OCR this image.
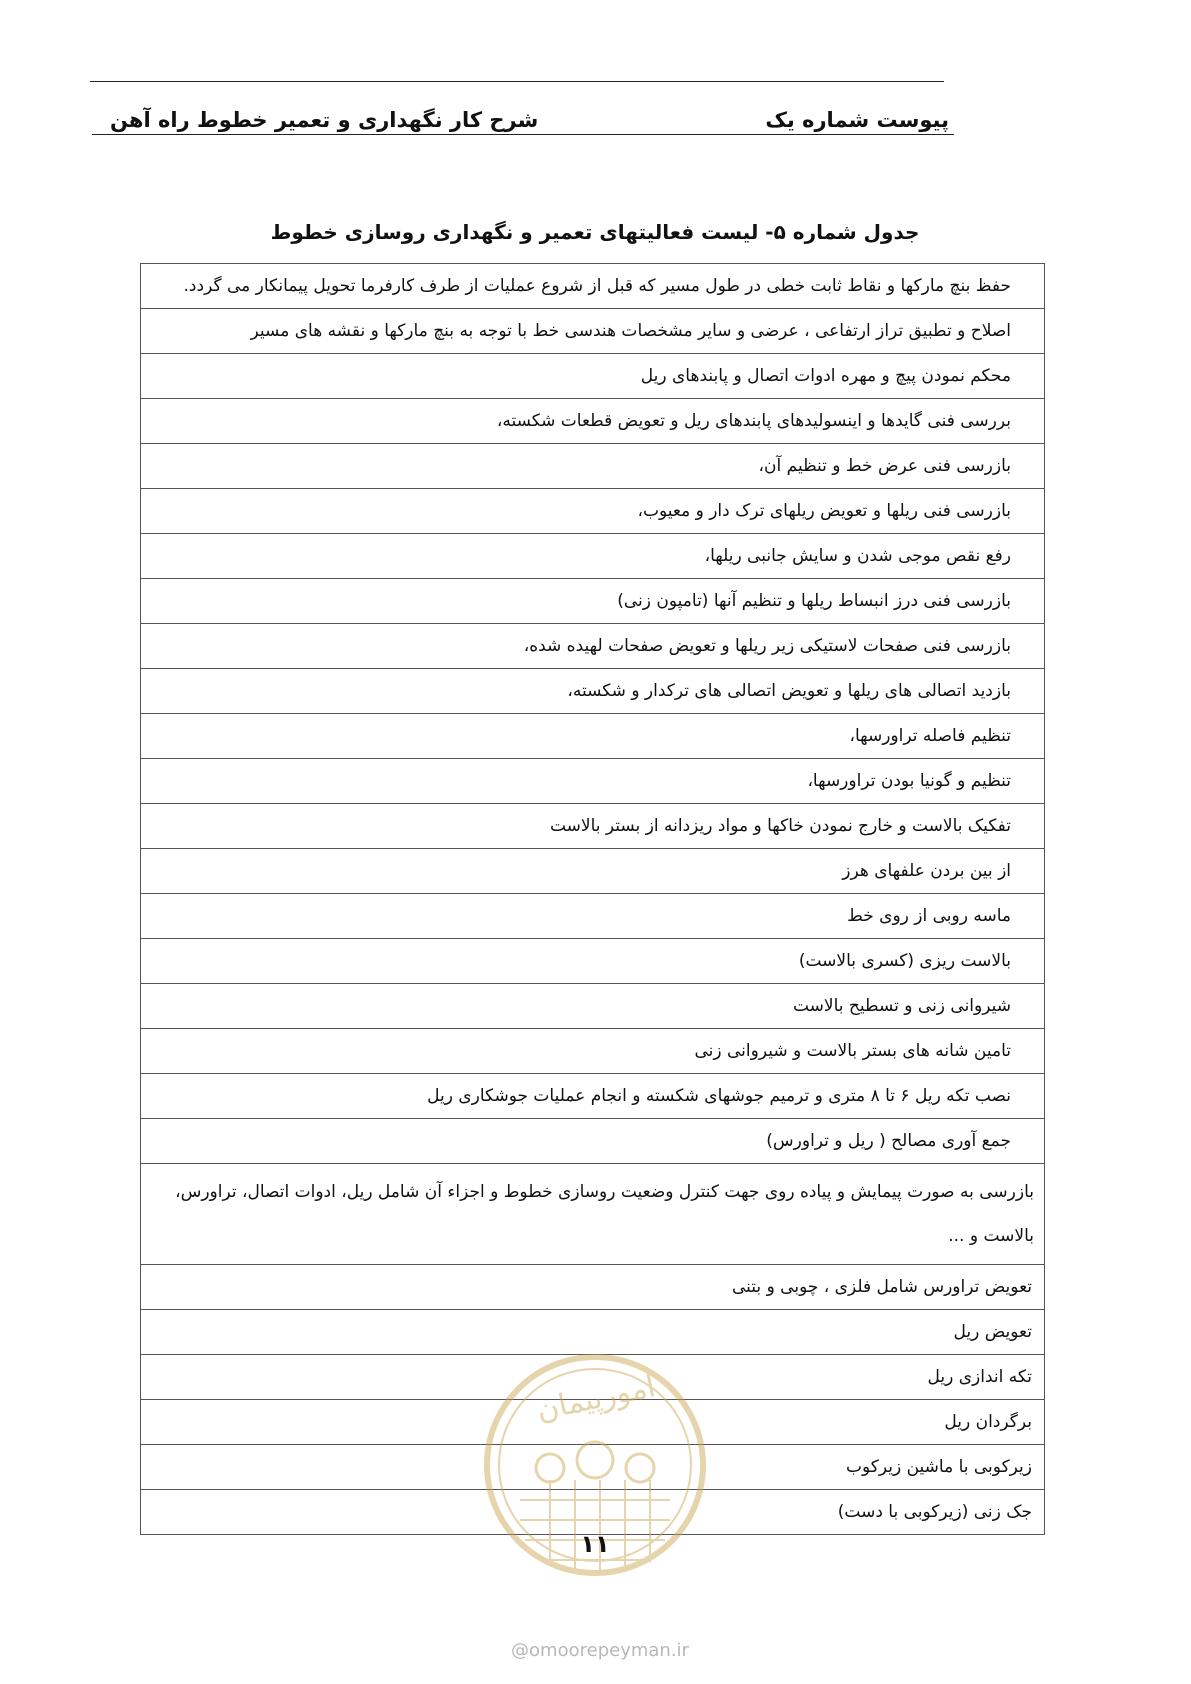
پیوست شماره یک
شرح کار نگهداری و تعمیر خطوط راه آهن
جدول شماره ۵- لیست فعالیتهای تعمیر و نگهداری روسازی خطوط
حفظ بنچ مارکها و نقاط ثابت خطی در طول مسیر که قبل از شروع عملیات از طرف کارفرما تحویل پیمانکار می گردد.
اصلاح و تطبیق تراز ارتفاعی ، عرضی و سایر مشخصات هندسی خط با توجه به بنچ مارکها و نقشه های مسیر
محکم نمودن پیچ و مهره ادوات اتصال و پابندهای ریل
بررسی فنی گایدها و اینسولیدهای پابندهای ریل و تعویض قطعات شکسته،
بازرسی فنی عرض خط و تنظیم آن،
بازرسی فنی ریلها و تعویض ریلهای ترک دار و معیوب،
رفع نقص موجی شدن و سایش جانبی ریلها،
بازرسی فنی درز انبساط ریلها و تنظیم آنها (تامپون زنی)
بازرسی فنی صفحات لاستیکی زیر ریلها و تعویض صفحات لهیده شده،
بازدید اتصالی های ریلها و تعویض اتصالی های ترکدار و شکسته،
تنظیم فاصله تراورسها،
تنظیم و گونیا بودن تراورسها،
تفکیک بالاست و خارج نمودن خاکها و مواد ریزدانه از بستر بالاست
از بین بردن علفهای هرز
ماسه روبی از روی خط
بالاست ریزی (کسری بالاست)
شیروانی زنی و تسطیح بالاست
تامین شانه های بستر بالاست و شیروانی زنی
نصب تکه ریل ۶ تا ۸ متری و ترمیم جوشهای شکسته و انجام عملیات جوشکاری ریل
جمع آوری مصالح ( ریل و تراورس)
بازرسی به صورت پیمایش و پیاده روی جهت کنترل وضعیت روسازی خطوط و اجزاء آن شامل ریل، ادوات اتصال، تراورس، بالاست و ...
تعویض تراورس شامل فلزی ، چوبی و بتنی
تعویض ریل
تکه اندازی ریل
برگردان ریل
زیرکوبی با ماشین زیرکوب
جک زنی (زیرکوبی با دست)
امورپیمان
۱۱
@omoorepeyman.ir
